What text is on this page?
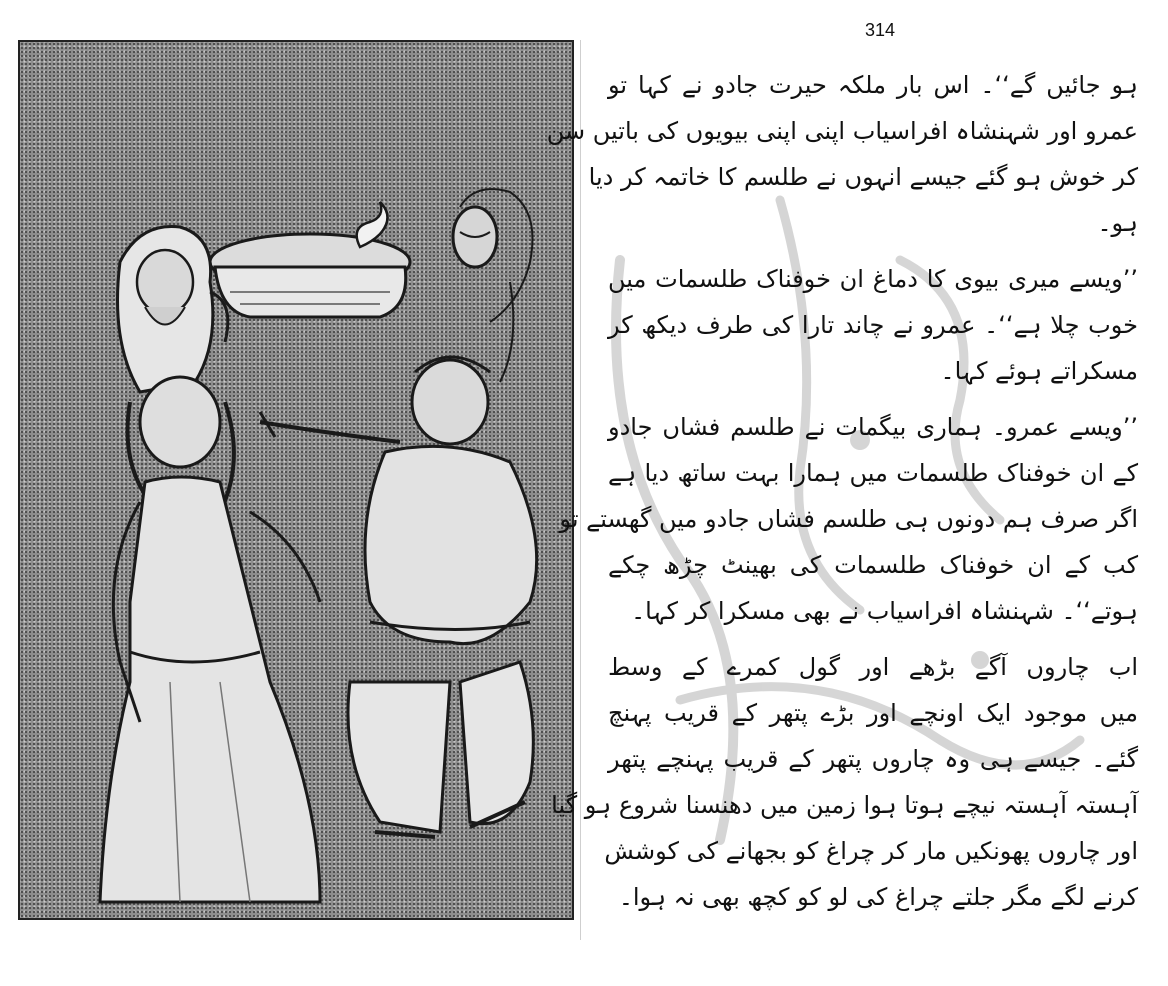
314
ہو جائیں گے‘‘۔ اس بار ملکہ حیرت جادو نے کہا تو
عمرو اور شہنشاہ افراسیاب اپنی اپنی بیویوں کی باتیں سن
کر خوش ہو گئے جیسے انہوں نے طلسم کا خاتمہ کر دیا
ہو۔
’’ویسے میری بیوی کا دماغ ان خوفناک طلسمات میں
خوب چلا ہے‘‘۔ عمرو نے چاند تارا کی طرف دیکھ کر
مسکراتے ہوئے کہا۔
’’ویسے عمرو۔ ہماری بیگمات نے طلسم فشاں جادو
کے ان خوفناک طلسمات میں ہمارا بہت ساتھ دیا ہے
اگر صرف ہم دونوں ہی طلسم فشاں جادو میں گھستے تو
کب کے ان خوفناک طلسمات کی بھینٹ چڑھ چکے
ہوتے‘‘۔ شہنشاہ افراسیاب نے بھی مسکرا کر کہا۔
اب چاروں آگے بڑھے اور گول کمرے کے وسط
میں موجود ایک اونچے اور بڑے پتھر کے قریب پہنچ
گئے۔ جیسے ہی وہ چاروں پتھر کے قریب پہنچے پتھر
آہستہ آہستہ نیچے ہوتا ہوا زمین میں دھنسنا شروع ہو گیا
اور چاروں پھونکیں مار کر چراغ کو بجھانے کی کوشش
کرنے لگے مگر جلتے چراغ کی لو کو کچھ بھی نہ ہوا۔
